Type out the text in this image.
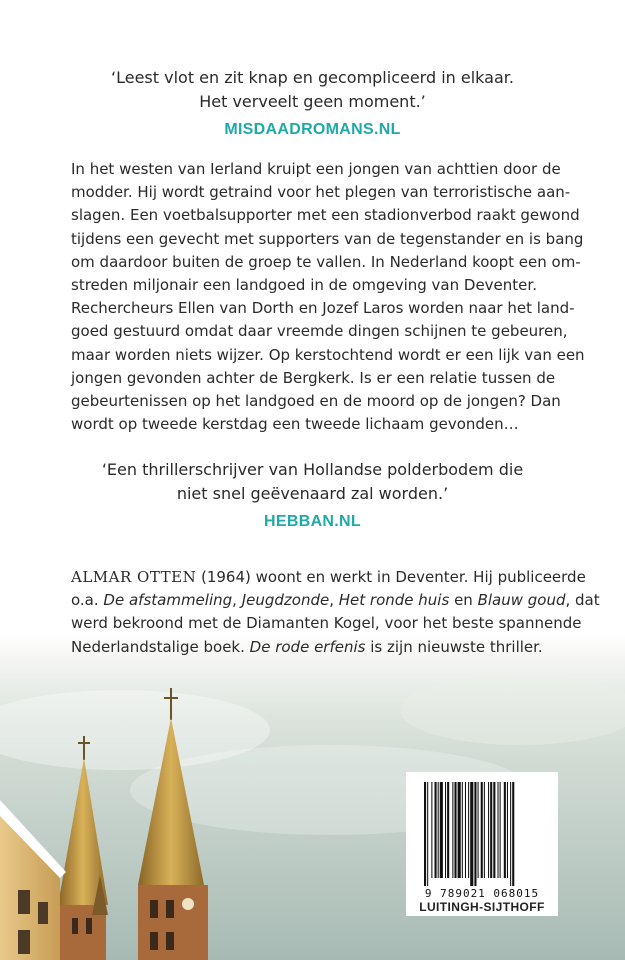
‘Leest vlot en zit knap en gecompliceerd in elkaar.
Het verveelt geen moment.’
MISDAADROMANS.NL
In het westen van Ierland kruipt een jongen van achttien door de
modder. Hij wordt getraind voor het plegen van terroristische aan-
slagen. Een voetbalsupporter met een stadionverbod raakt gewond
tijdens een gevecht met supporters van de tegenstander en is bang
om daardoor buiten de groep te vallen. In Nederland koopt een om-
streden miljonair een landgoed in de omgeving van Deventer.
Rechercheurs Ellen van Dorth en Jozef Laros worden naar het land-
goed gestuurd omdat daar vreemde dingen schijnen te gebeuren,
maar worden niets wijzer. Op kerstochtend wordt er een lijk van een
jongen gevonden achter de Bergkerk. Is er een relatie tussen de
gebeurtenissen op het landgoed en de moord op de jongen? Dan
wordt op tweede kerstdag een tweede lichaam gevonden…
‘Een thrillerschrijver van Hollandse polderbodem die
niet snel geëvenaard zal worden.’
HEBBAN.NL
ALMAR OTTEN (1964) woont en werkt in Deventer. Hij publiceerde
o.a. De afstammeling, Jeugdzonde, Het ronde huis en Blauw goud, dat
werd bekroond met de Diamanten Kogel, voor het beste spannende
Nederlandstalige boek. De rode erfenis is zijn nieuwste thriller.
9 789021 068015
LUITINGH-SIJTHOFF
